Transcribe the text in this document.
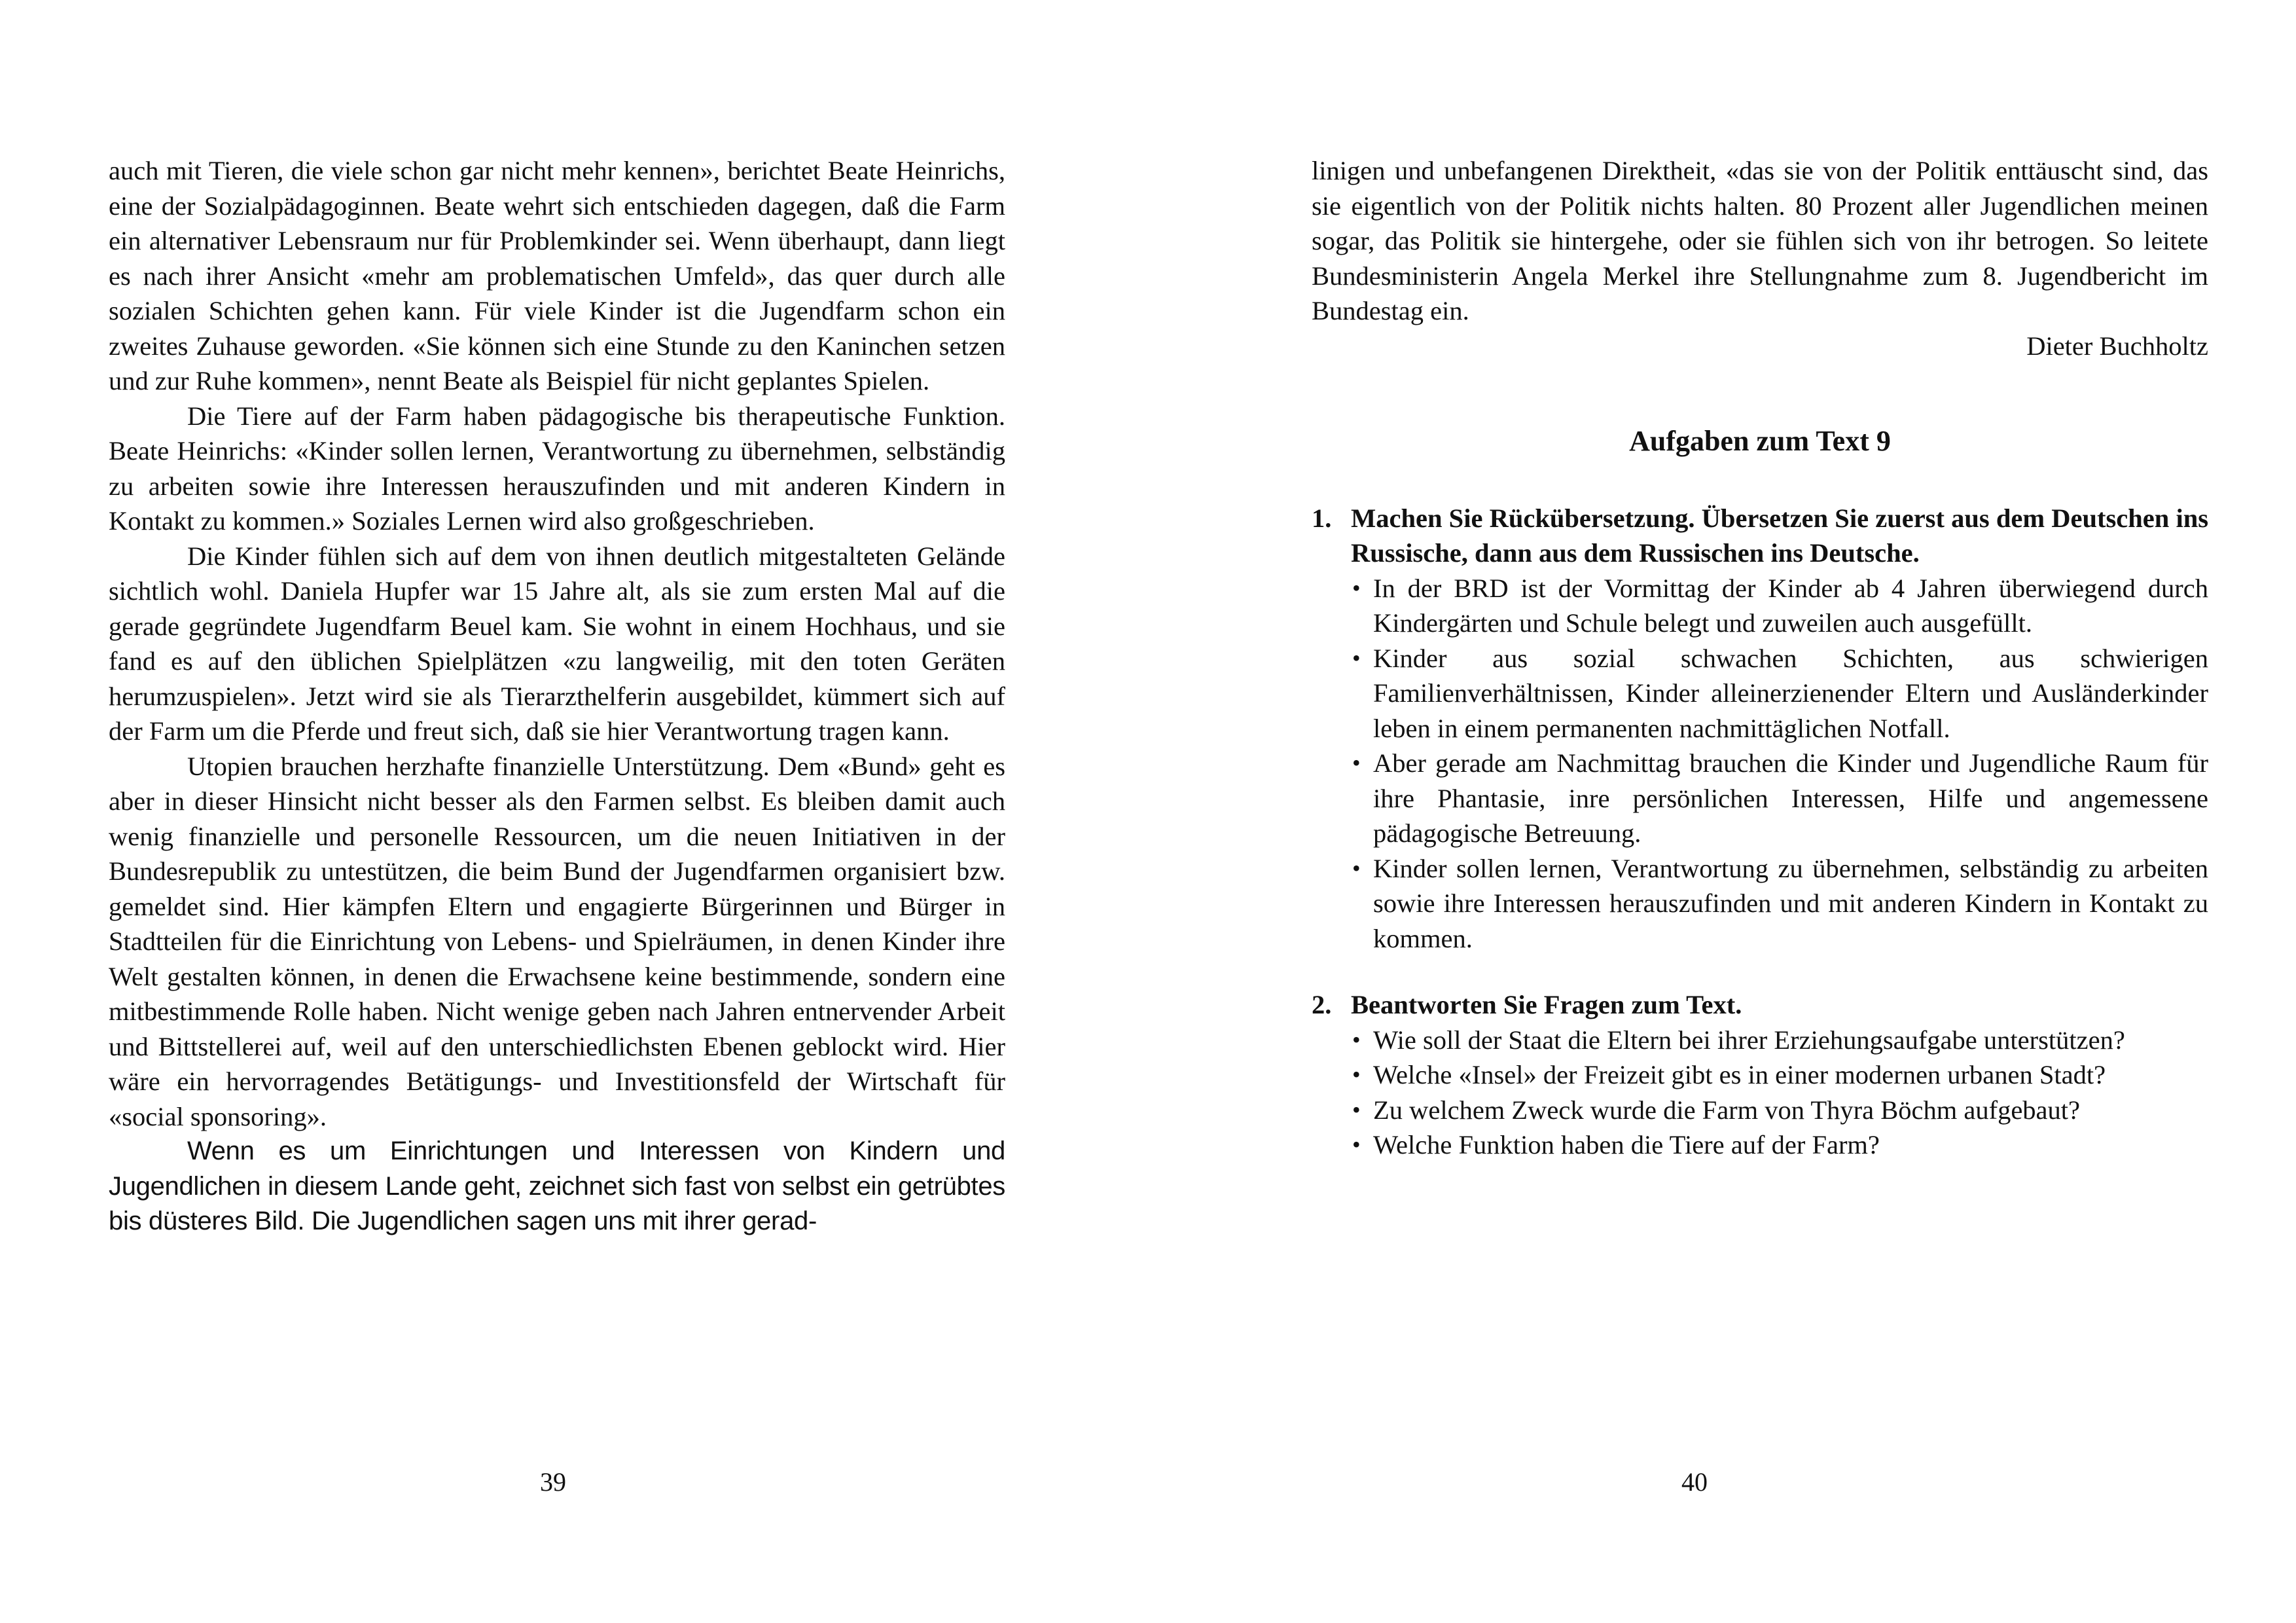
auch mit Tieren, die viele schon gar nicht mehr kennen», berichtet Beate Heinrichs, eine der Sozialpädagoginnen. Beate wehrt sich entschieden dagegen, daß die Farm ein alternativer Lebensraum nur für Problemkinder sei. Wenn überhaupt, dann liegt es nach ihrer Ansicht «mehr am problematischen Umfeld», das quer durch alle sozialen Schichten gehen kann. Für viele Kinder ist die Jugendfarm schon ein zweites Zuhause geworden. «Sie können sich eine Stunde zu den Kaninchen setzen und zur Ruhe kommen», nennt Beate als Beispiel für nicht geplantes Spielen.

Die Tiere auf der Farm haben pädagogische bis therapeutische Funktion. Beate Heinrichs: «Kinder sollen lernen, Verantwortung zu übernehmen, selbständig zu arbeiten sowie ihre Interessen herauszufinden und mit anderen Kindern in Kontakt zu kommen.» Soziales Lernen wird also großgeschrieben.

Die Kinder fühlen sich auf dem von ihnen deutlich mitgestalteten Gelände sichtlich wohl. Daniela Hupfer war 15 Jahre alt, als sie zum ersten Mal auf die gerade gegründete Jugendfarm Beuel kam. Sie wohnt in einem Hochhaus, und sie fand es auf den üblichen Spielplätzen «zu langweilig, mit den toten Geräten herumzuspielen». Jetzt wird sie als Tierarzthelferin ausgebildet, kümmert sich auf der Farm um die Pferde und freut sich, daß sie hier Verantwortung tragen kann.

Utopien brauchen herzhafte finanzielle Unterstützung. Dem «Bund» geht es aber in dieser Hinsicht nicht besser als den Farmen selbst. Es bleiben damit auch wenig finanzielle und personelle Ressourcen, um die neuen Initiativen in der Bundesrepublik zu untestützen, die beim Bund der Jugendfarmen organisiert bzw. gemeldet sind. Hier kämpfen Eltern und engagierte Bürgerinnen und Bürger in Stadtteilen für die Einrichtung von Lebens- und Spielräumen, in denen Kinder ihre Welt gestalten können, in denen die Erwachsene keine bestimmende, sondern eine mitbestimmende Rolle haben. Nicht wenige geben nach Jahren entnervender Arbeit und Bittstellerei auf, weil auf den unterschiedlichsten Ebenen geblockt wird. Hier wäre ein hervorragendes Betätigungs- und Investitionsfeld der Wirtschaft für «social sponsoring».

Wenn es um Einrichtungen und Interessen von Kindern und Jugendlichen in diesem Lande geht, zeichnet sich fast von selbst ein getrübtes bis düsteres Bild. Die Jugendlichen sagen uns mit ihrer gerad-

39

linigen und unbefangenen Direktheit, «das sie von der Politik enttäuscht sind, das sie eigentlich von der Politik nichts halten. 80 Prozent aller Jugendlichen meinen sogar, das Politik sie hintergehe, oder sie fühlen sich von ihr betrogen. So leitete Bundesministerin Angela Merkel ihre Stellungnahme zum 8. Jugendbericht im Bundestag ein.

Dieter Buchholtz

Aufgaben zum Text 9
1. Machen Sie Rückübersetzung. Übersetzen Sie zuerst aus dem Deutschen ins Russische, dann aus dem Russischen ins Deutsche.
• In der BRD ist der Vormittag der Kinder ab 4 Jahren überwiegend durch Kindergärten und Schule belegt und zuweilen auch ausgefüllt.
• Kinder aus sozial schwachen Schichten, aus schwierigen Familienverhältnissen, Kinder alleinerzienender Eltern und Ausländerkinder leben in einem permanenten nachmittäglichen Notfall.
• Aber gerade am Nachmittag brauchen die Kinder und Jugendliche Raum für ihre Phantasie, inre persönlichen Interessen, Hilfe und angemessene pädagogische Betreuung.
• Kinder sollen lernen, Verantwortung zu übernehmen, selbständig zu arbeiten sowie ihre Interessen herauszufinden und mit anderen Kindern in Kontakt zu kommen.
2. Beantworten Sie Fragen zum Text.
• Wie soll der Staat die Eltern bei ihrer Erziehungsaufgabe unterstützen?
• Welche «Insel» der Freizeit gibt es in einer modernen urbanen Stadt?
• Zu welchem Zweck wurde die Farm von Thyra Böchm aufgebaut?
• Welche Funktion haben die Tiere auf der Farm?
40
